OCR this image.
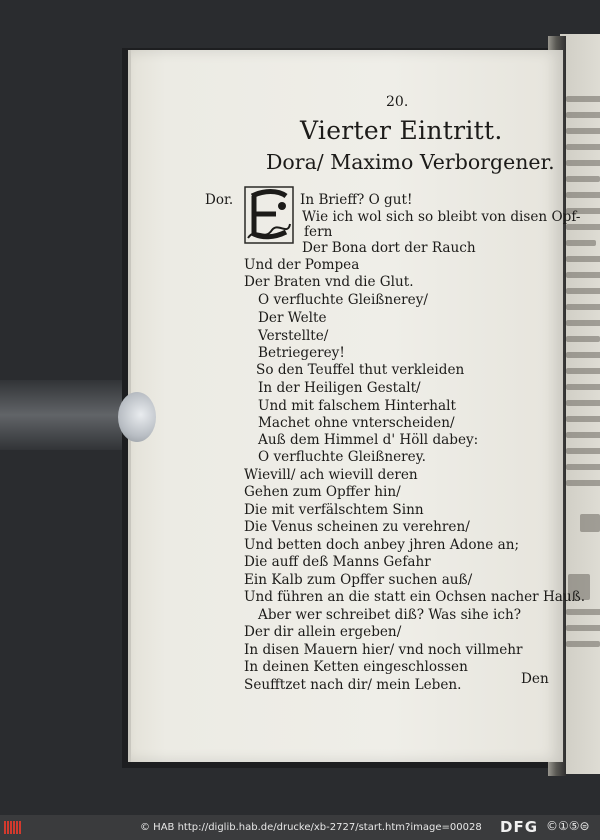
20.
Vierter Eintritt.
Dora/ Maximo Verborgener.
Dor.	In Brieff? O gut!
Wie ich wol sich so bleibt von disen Opf-
fern
Der Bona dort der Rauch
Und der Pompea
Der Braten vnd die Glut.
O verfluchte Gleißnerey/
Der Welte
Verstellte/
Betriegerey!
So den Teuffel thut verkleiden
In der Heiligen Gestalt/
Und mit falschem Hinterhalt
Machet ohne vnterscheiden/
Auß dem Himmel d' Höll dabey:
O verfluchte Gleißnerey.
Wievill/ ach wievill deren
Gehen zum Opffer hin/
Die mit verfälschtem Sinn
Die Venus scheinen zu verehren/
Und betten doch anbey jhren Adone an;
Die auff deß Manns Gefahr
Ein Kalb zum Opffer suchen auß/
Und führen an die statt ein Ochsen nacher Hauß.
Aber wer schreibet diß? Was sihe ich?
Der dir allein ergeben/
In disen Mauern hier/ vnd noch villmehr
In deinen Ketten eingeschlossen
Seufftzet nach dir/ mein Leben.	Den
© HAB http://diglib.hab.de/drucke/xb-2727/start.htm?image=00028 DFG ©①⑤⊜
